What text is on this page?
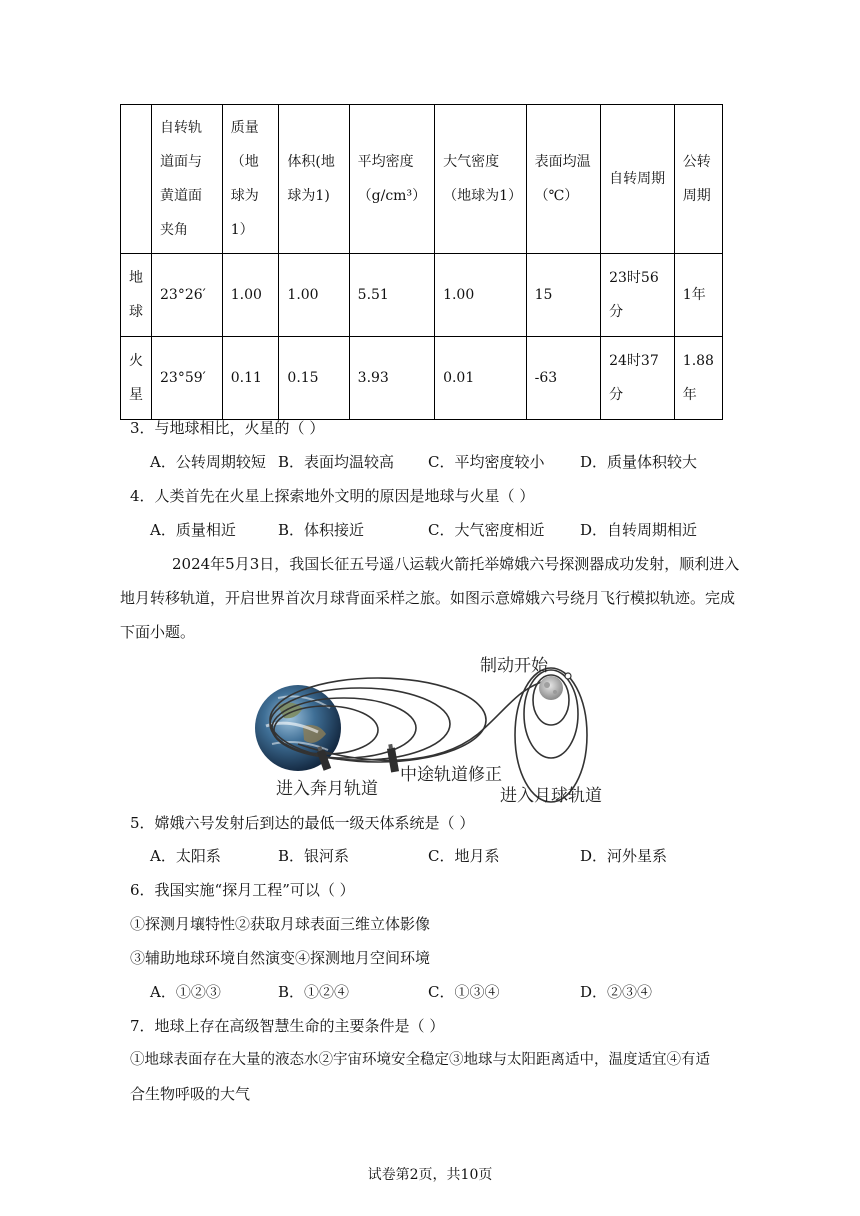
	自转轨道面与黄道面夹角	质量（地球为1）	体积(地球为1)	平均密度（g/cm³）	大气密度（地球为1）	表面均温（℃）	自转周期	公转周期
地球	23°26′	1.00	1.00	5.51	1.00	15	23时56分	1年
火星	23°59′	0.11	0.15	3.93	0.01	-63	24时37分	1.88年
3．与地球相比，火星的（ ）
A．公转周期较短 B．表面均温较高 C．平均密度较小 D．质量体积较大
4．人类首先在火星上探索地外文明的原因是地球与火星（ ）
A．质量相近	B．体积接近	C．大气密度相近 D．自转周期相近
2024年5月3日，我国长征五号遥八运载火箭托举嫦娥六号探测器成功发射，顺利进入地月转移轨道，开启世界首次月球背面采样之旅。如图示意嫦娥六号绕月飞行模拟轨迹。完成下面小题。
制动开始
进入奔月轨道
中途轨道修正
进入月球轨道
5．嫦娥六号发射后到达的最低一级天体系统是（ ）
A．太阳系	B．银河系	C．地月系	D．河外星系
6．我国实施“探月工程”可以（ ）
①探测月壤特性②获取月球表面三维立体影像
③辅助地球环境自然演变④探测地月空间环境
A．①②③	B．①②④	C．①③④	D．②③④
7．地球上存在高级智慧生命的主要条件是（ ）
①地球表面存在大量的液态水②宇宙环境安全稳定③地球与太阳距离适中，温度适宜④有适
合生物呼吸的大气
试卷第2页，共10页
